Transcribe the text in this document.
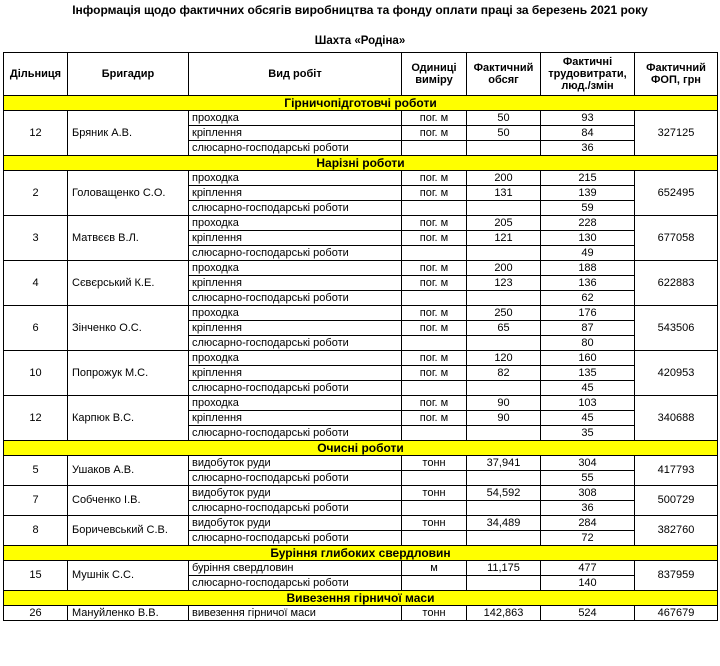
Інформація щодо фактичних обсягів виробництва та фонду оплати праці за березень 2021 року
Шахта «Родіна»
Дільниця	Бригадир	Вид робіт	Одиниці виміру	Фактичний обсяг	Фактичні трудовитрати, люд./змін	Фактичний ФОП, грн
Гірничопідготовчі роботи						
12	Бряник А.В.	проходка	пог. м	50	93	327125
		кріплення	пог. м	50	84	
		слюсарно-господарські роботи			36	
Нарізні роботи						
2	Головащенко С.О.	проходка	пог. м	200	215	652495
		кріплення	пог. м	131	139	
		слюсарно-господарські роботи			59	
3	Матвєєв В.Л.	проходка	пог. м	205	228	677058
		кріплення	пог. м	121	130	
		слюсарно-господарські роботи			49	
4	Сєвєрський К.Е.	проходка	пог. м	200	188	622883
		кріплення	пог. м	123	136	
		слюсарно-господарські роботи			62	
6	Зінченко О.С.	проходка	пог. м	250	176	543506
		кріплення	пог. м	65	87	
		слюсарно-господарські роботи			80	
10	Попрожук М.С.	проходка	пог. м	120	160	420953
		кріплення	пог. м	82	135	
		слюсарно-господарські роботи			45	
12	Карпюк В.С.	проходка	пог. м	90	103	340688
		кріплення	пог. м	90	45	
		слюсарно-господарські роботи			35	
Очисні роботи						
5	Ушаков А.В.	видобуток руди	тонн	37,941	304	417793
		слюсарно-господарські роботи			55	
7	Собченко І.В.	видобуток руди	тонн	54,592	308	500729
		слюсарно-господарські роботи			36	
8	Боричевський С.В.	видобуток руди	тонн	34,489	284	382760
		слюсарно-господарські роботи			72	
Буріння глибоких свердловин						
15	Мушнік С.С.	буріння свердловин	м	11,175	477	837959
		слюсарно-господарські роботи			140	
Вивезення гірничої маси						
26	Мануйленко В.В.	вивезення гірничої маси	тонн	142,863	524	467679
